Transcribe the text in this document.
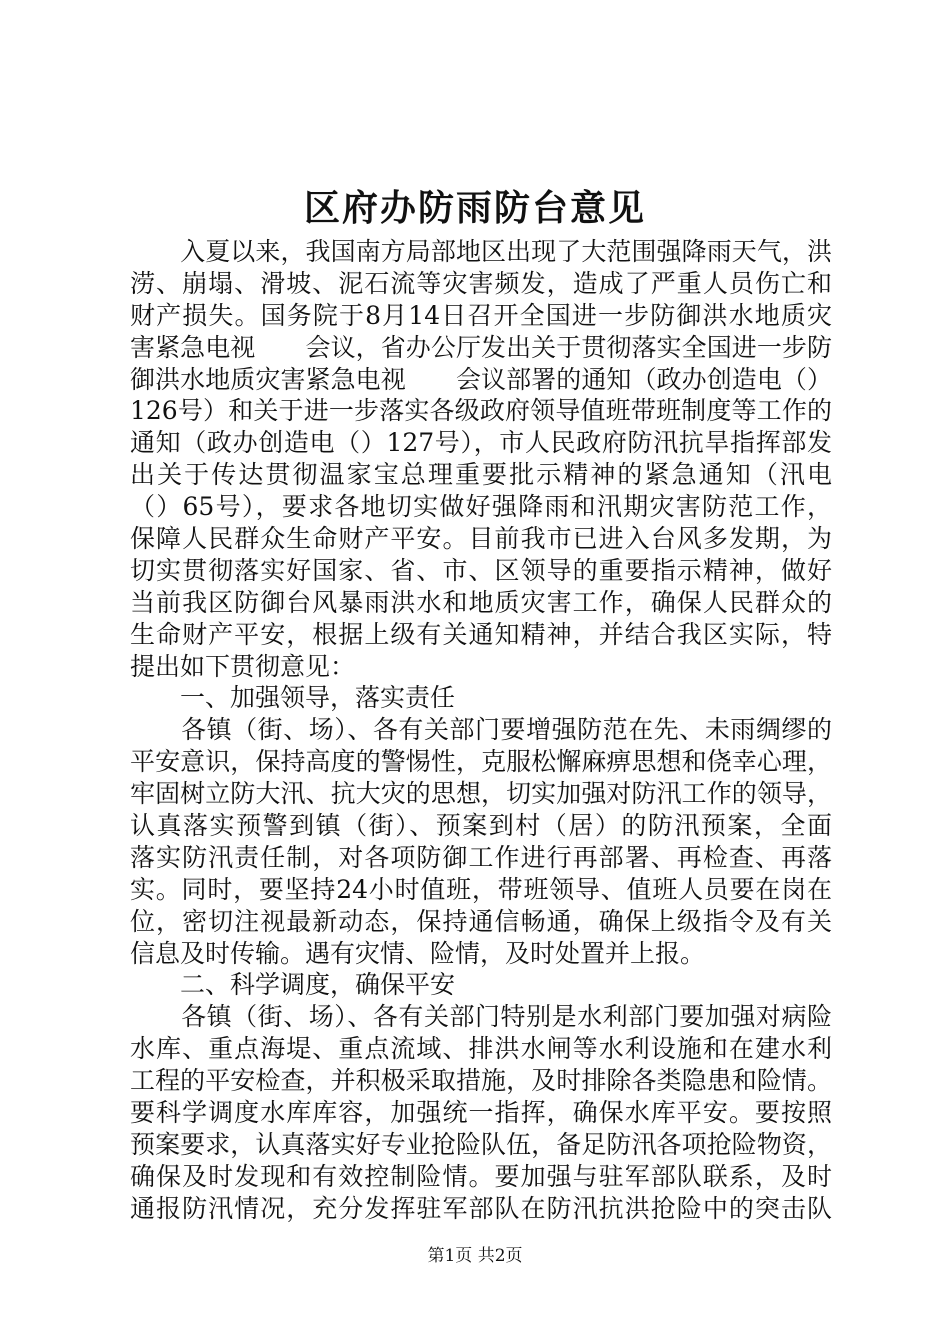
区府办防雨防台意见
　　入夏以来，我国南方局部地区出现了大范围强降雨天气，洪
涝、崩塌、滑坡、泥石流等灾害频发，造成了严重人员伤亡和
财产损失。国务院于8月14日召开全国进一步防御洪水地质灾
害紧急电视　　会议，省办公厅发出关于贯彻落实全国进一步防
御洪水地质灾害紧急电视　　会议部署的通知（政办创造电（）
126号）和关于进一步落实各级政府领导值班带班制度等工作的
通知（政办创造电（）127号），市人民政府防汛抗旱指挥部发
出关于传达贯彻温家宝总理重要批示精神的紧急通知（汛电
（）65号），要求各地切实做好强降雨和汛期灾害防范工作，
保障人民群众生命财产平安。目前我市已进入台风多发期，为
切实贯彻落实好国家、省、市、区领导的重要指示精神，做好
当前我区防御台风暴雨洪水和地质灾害工作，确保人民群众的
生命财产平安，根据上级有关通知精神，并结合我区实际，特
提出如下贯彻意见：
　　一、加强领导，落实责任
　　各镇（街、场）、各有关部门要增强防范在先、未雨绸缪的
平安意识，保持高度的警惕性，克服松懈麻痹思想和侥幸心理，
牢固树立防大汛、抗大灾的思想，切实加强对防汛工作的领导，
认真落实预警到镇（街）、预案到村（居）的防汛预案，全面
落实防汛责任制，对各项防御工作进行再部署、再检查、再落
实。同时，要坚持24小时值班，带班领导、值班人员要在岗在
位，密切注视最新动态，保持通信畅通，确保上级指令及有关
信息及时传输。遇有灾情、险情，及时处置并上报。
　　二、科学调度，确保平安
　　各镇（街、场）、各有关部门特别是水利部门要加强对病险
水库、重点海堤、重点流域、排洪水闸等水利设施和在建水利
工程的平安检查，并积极采取措施，及时排除各类隐患和险情。
要科学调度水库库容，加强统一指挥，确保水库平安。要按照
预案要求，认真落实好专业抢险队伍，备足防汛各项抢险物资，
确保及时发现和有效控制险情。要加强与驻军部队联系，及时
通报防汛情况，充分发挥驻军部队在防汛抗洪抢险中的突击队
第1页 共2页
